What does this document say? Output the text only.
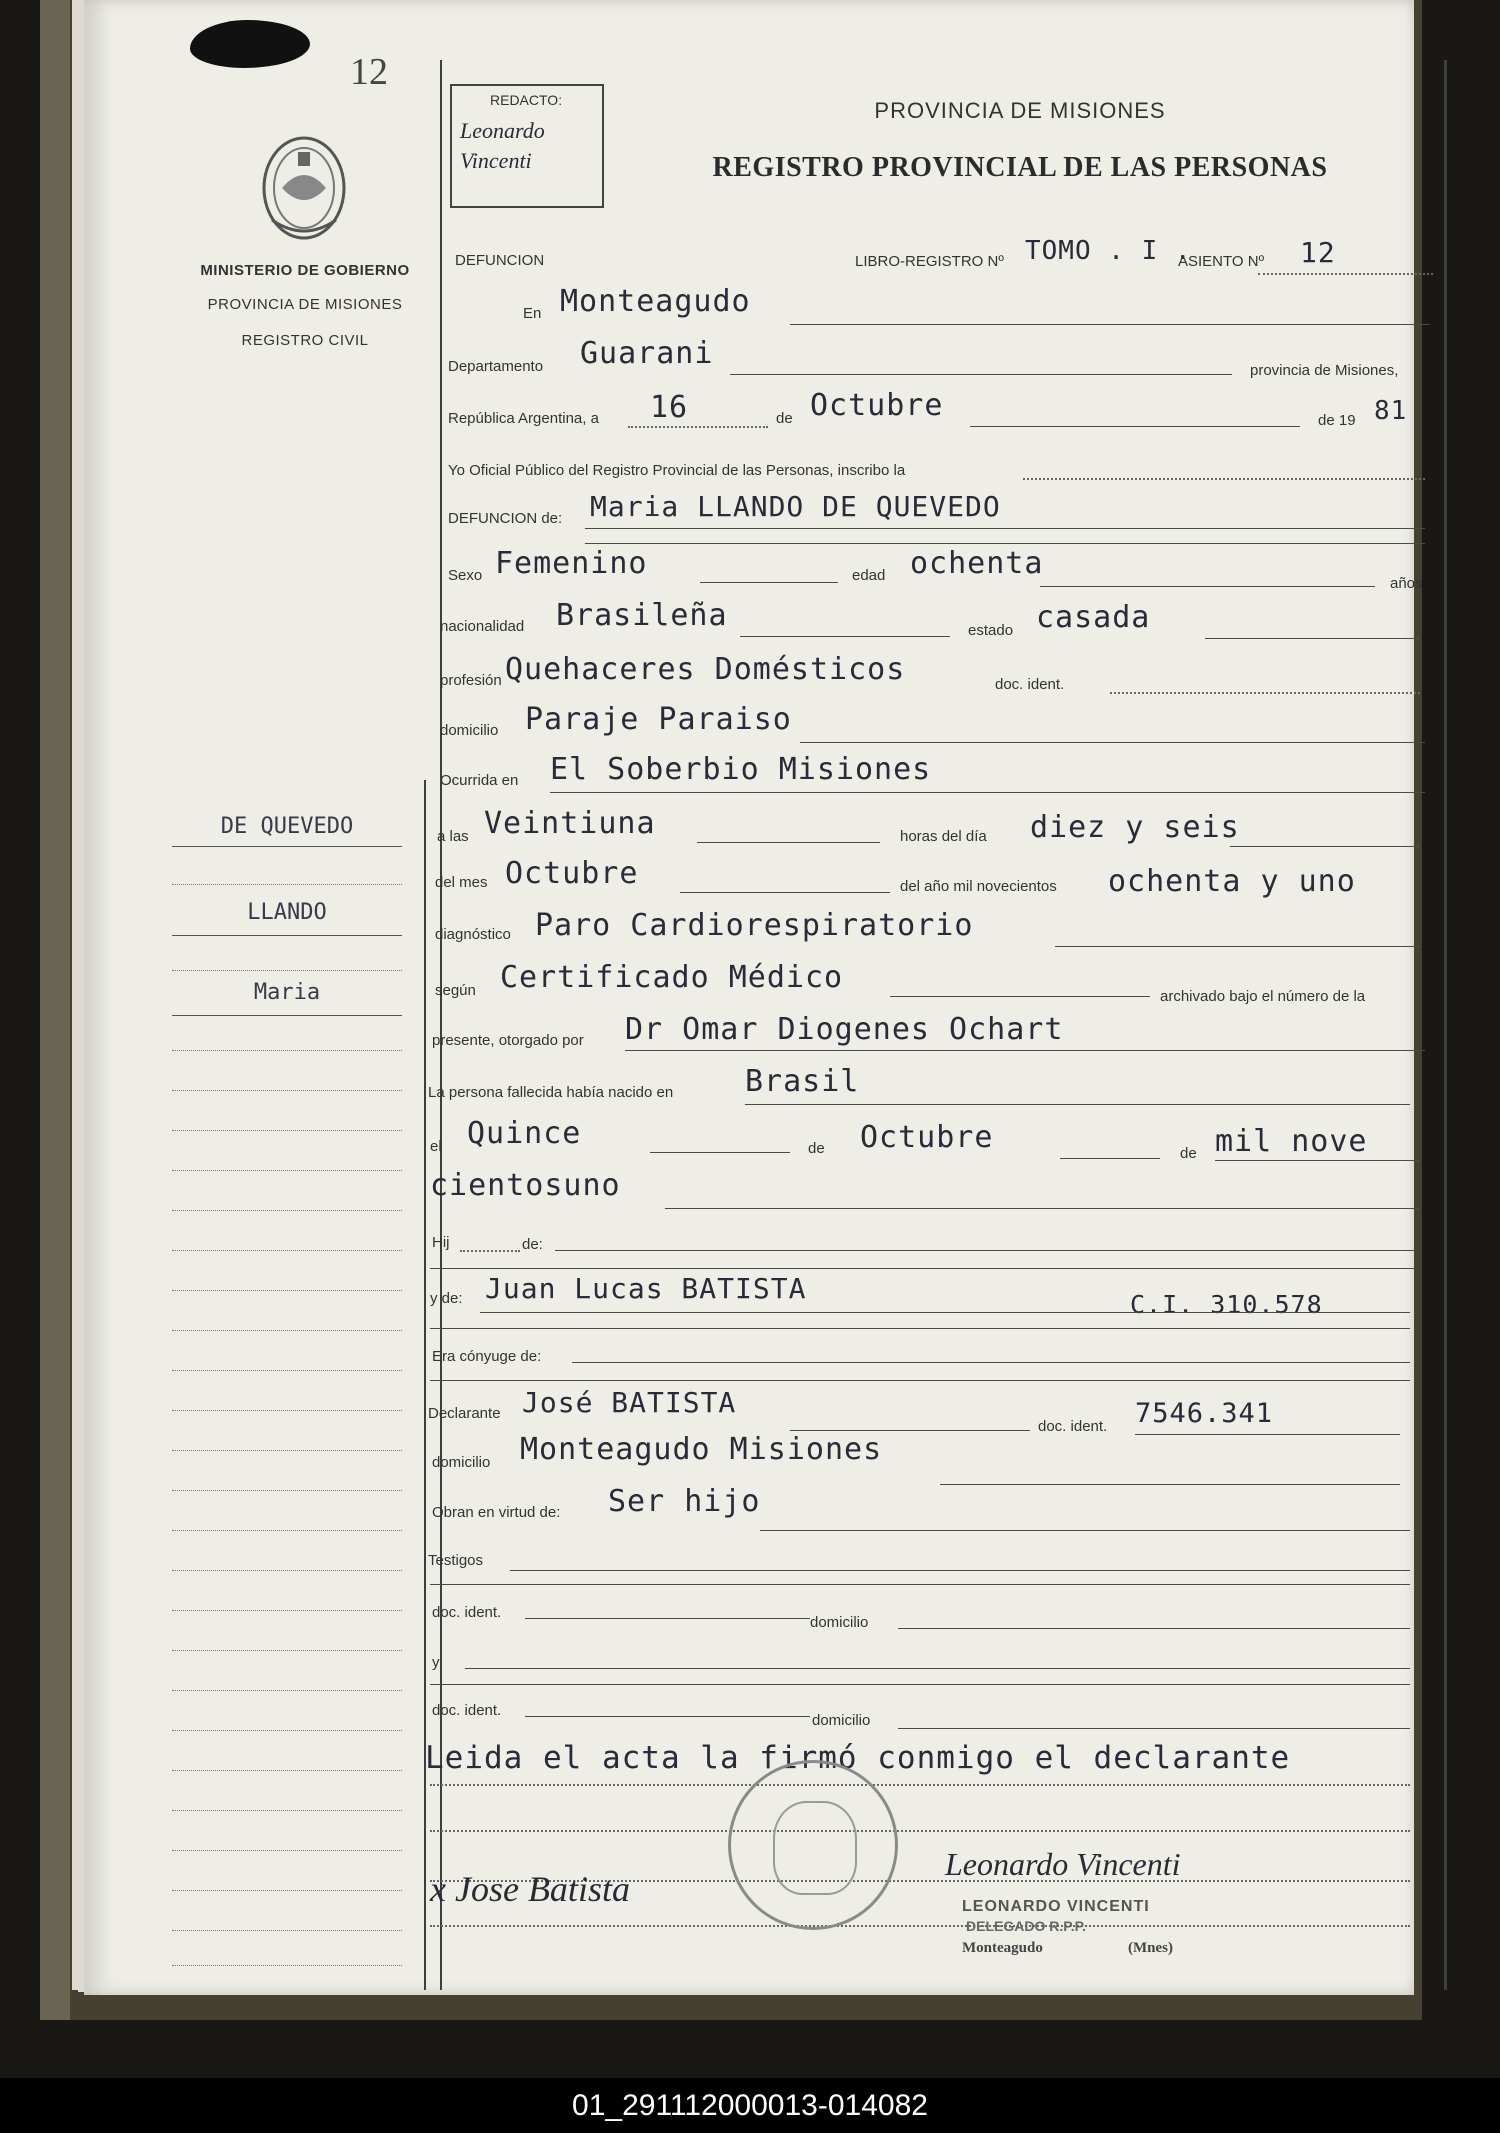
12
MINISTERIO DE GOBIERNO
PROVINCIA DE MISIONES
REGISTRO CIVIL
REDACTO:
Leonardo Vincenti
PROVINCIA DE MISIONES
REGISTRO PROVINCIAL DE LAS PERSONAS
DE QUEVEDO
LLANDO
Maria
DEFUNCION	LIBRO-REGISTRO Nº TOMO . I .
ASIENTO Nº 12
En Monteagudo
Departamento Guarani	provincia de Misiones,
República Argentina, a 16	de Octubre	de 19 81
Yo Oficial Público del Registro Provincial de las Personas, inscribo la
DEFUNCION de: Maria LLANDO DE QUEVEDO
Sexo Femenino	edad ochenta
años
nacionalidad Brasileña	estado casada
profesión Quehaceres Domésticos	doc. ident.
domicilio Paraje Paraiso
Ocurrida en El Soberbio Misiones
a las Veintiuna	horas del día diez y seis
del mes Octubre	del año mil novecientos ochenta y uno
diagnóstico Paro Cardiorespiratorio
según Certificado Médico
archivado bajo el número de la
presente, otorgado por Dr Omar Diogenes Ochart
La persona fallecida había nacido en Brasil
el Quince	de Octubre	de mil nove
cientosuno
Hij	de:
y de: Juan Lucas BATISTA	C.I. 310.578
Era cónyuge de:
Declarante José BATISTA
doc. ident. 7546.341
domicilio Monteagudo Misiones
Obran en virtud de: Ser hijo
Testigos
doc. ident.
domicilio
y
doc. ident.
domicilio
Leida el acta la firmó conmigo el declarante
x Jose Batista
Leonardo Vincenti
LEONARDO VINCENTI
DELEGADO R.P.P.
Monteagudo	(Mnes)
01_291112000013-014082
